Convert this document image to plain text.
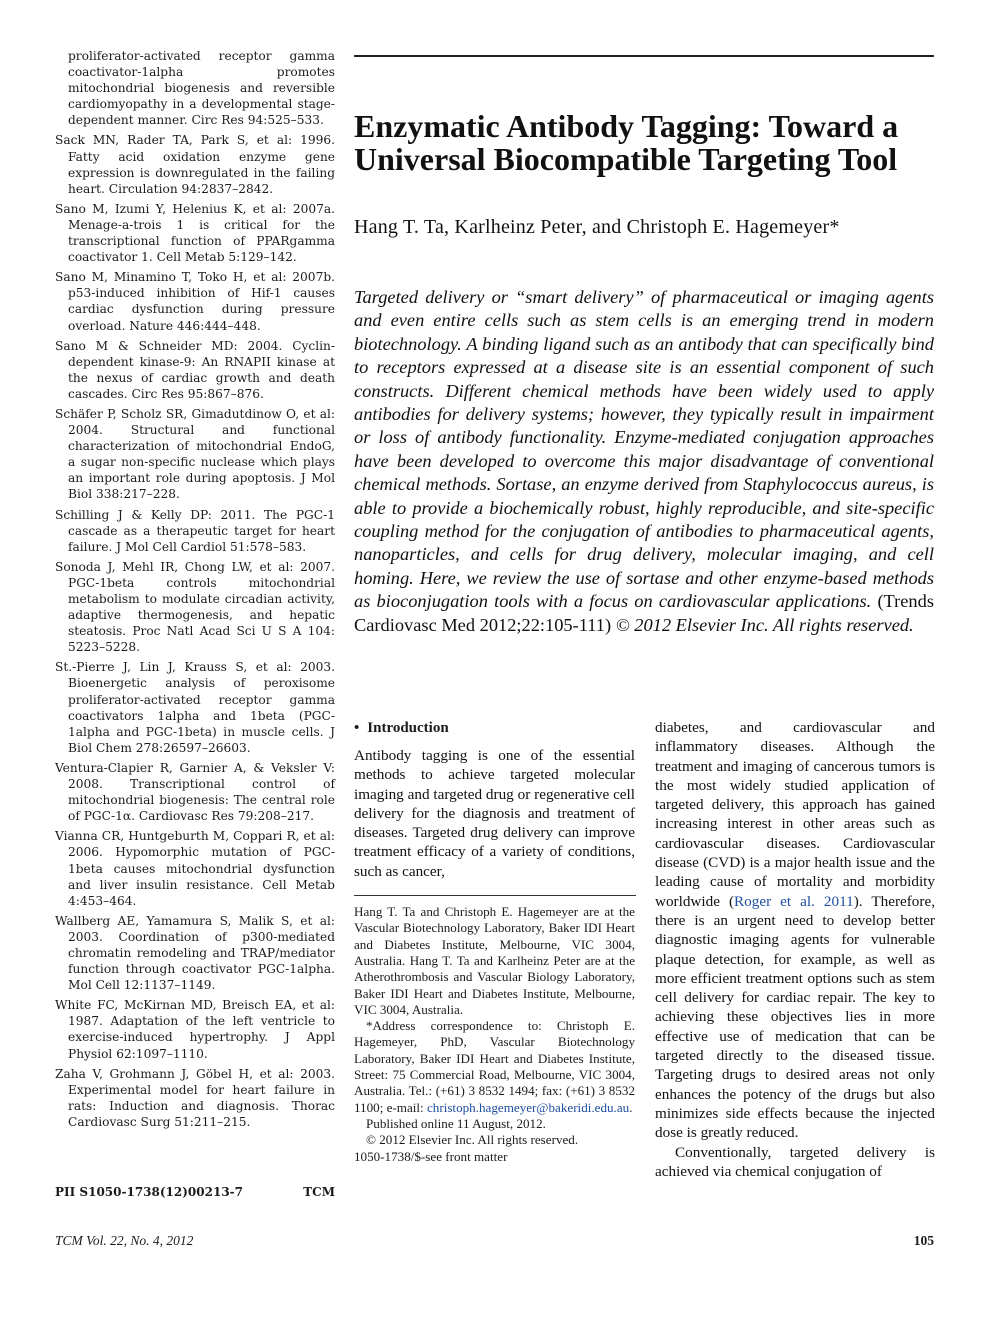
proliferator-activated receptor gamma coactivator-1alpha promotes mitochondrial biogenesis and reversible cardiomyopathy in a developmental stage-dependent manner. Circ Res 94:525–533.

Sack MN, Rader TA, Park S, et al: 1996. Fatty acid oxidation enzyme gene expression is downregulated in the failing heart. Circulation 94:2837–2842.

Sano M, Izumi Y, Helenius K, et al: 2007a. Menage-a-trois 1 is critical for the transcriptional function of PPARgamma coactivator 1. Cell Metab 5:129–142.

Sano M, Minamino T, Toko H, et al: 2007b. p53-induced inhibition of Hif-1 causes cardiac dysfunction during pressure overload. Nature 446:444–448.

Sano M & Schneider MD: 2004. Cyclin-dependent kinase-9: An RNAPII kinase at the nexus of cardiac growth and death cascades. Circ Res 95:867–876.

Schäfer P, Scholz SR, Gimadutdinow O, et al: 2004. Structural and functional characterization of mitochondrial EndoG, a sugar non-specific nuclease which plays an important role during apoptosis. J Mol Biol 338:217–228.

Schilling J & Kelly DP: 2011. The PGC-1 cascade as a therapeutic target for heart failure. J Mol Cell Cardiol 51:578–583.

Sonoda J, Mehl IR, Chong LW, et al: 2007. PGC-1beta controls mitochondrial metabolism to modulate circadian activity, adaptive thermogenesis, and hepatic steatosis. Proc Natl Acad Sci U S A 104: 5223–5228.

St.-Pierre J, Lin J, Krauss S, et al: 2003. Bioenergetic analysis of peroxisome proliferator-activated receptor gamma coactivators 1alpha and 1beta (PGC-1alpha and PGC-1beta) in muscle cells. J Biol Chem 278:26597–26603.

Ventura-Clapier R, Garnier A, & Veksler V: 2008. Transcriptional control of mitochondrial biogenesis: The central role of PGC-1α. Cardiovasc Res 79:208–217.

Vianna CR, Huntgeburth M, Coppari R, et al: 2006. Hypomorphic mutation of PGC-1beta causes mitochondrial dysfunction and liver insulin resistance. Cell Metab 4:453–464.

Wallberg AE, Yamamura S, Malik S, et al: 2003. Coordination of p300-mediated chromatin remodeling and TRAP/mediator function through coactivator PGC-1alpha. Mol Cell 12:1137–1149.

White FC, McKirnan MD, Breisch EA, et al: 1987. Adaptation of the left ventricle to exercise-induced hypertrophy. J Appl Physiol 62:1097–1110.

Zaha V, Grohmann J, Göbel H, et al: 2003. Experimental model for heart failure in rats: Induction and diagnosis. Thorac Cardiovasc Surg 51:211–215.

PII S1050-1738(12)00213-7	TCM
Enzymatic Antibody Tagging: Toward a Universal Biocompatible Targeting Tool
Hang T. Ta, Karlheinz Peter, and Christoph E. Hagemeyer*

Targeted delivery or “smart delivery” of pharmaceutical or imaging agents and even entire cells such as stem cells is an emerging trend in modern biotechnology. A binding ligand such as an antibody that can specifically bind to receptors expressed at a disease site is an essential component of such constructs. Different chemical methods have been widely used to apply antibodies for delivery systems; however, they typically result in impairment or loss of antibody functionality. Enzyme-mediated conjugation approaches have been developed to overcome this major disadvantage of conventional chemical methods. Sortase, an enzyme derived from Staphylococcus aureus, is able to provide a biochemically robust, highly reproducible, and site-specific coupling method for the conjugation of antibodies to pharmaceutical agents, nanoparticles, and cells for drug delivery, molecular imaging, and cell homing. Here, we review the use of sortase and other enzyme-based methods as bioconjugation tools with a focus on cardiovascular applications. (Trends Cardiovasc Med 2012;22:105-111) © 2012 Elsevier Inc. All rights reserved.

• Introduction

Antibody tagging is one of the essential methods to achieve targeted molecular imaging and targeted drug or regenerative cell delivery for the diagnosis and treatment of diseases. Targeted drug delivery can improve treatment efficacy of a variety of conditions, such as cancer,

Hang T. Ta and Christoph E. Hagemeyer are at the Vascular Biotechnology Laboratory, Baker IDI Heart and Diabetes Institute, Melbourne, VIC 3004, Australia. Hang T. Ta and Karlheinz Peter are at the Atherothrombosis and Vascular Biology Laboratory, Baker IDI Heart and Diabetes Institute, Melbourne, VIC 3004, Australia.

*Address correspondence to: Christoph E. Hagemeyer, PhD, Vascular Biotechnology Laboratory, Baker IDI Heart and Diabetes Institute, Street: 75 Commercial Road, Melbourne, VIC 3004, Australia. Tel.: (+61) 3 8532 1494; fax: (+61) 3 8532 1100; e-mail: christoph.hagemeyer@bakeridi.edu.au.

Published online 11 August, 2012.

© 2012 Elsevier Inc. All rights reserved.

1050-1738/$-see front matter

diabetes, and cardiovascular and inflammatory diseases. Although the treatment and imaging of cancerous tumors is the most widely studied application of targeted delivery, this approach has gained increasing interest in other areas such as cardiovascular diseases. Cardiovascular disease (CVD) is a major health issue and the leading cause of mortality and morbidity worldwide (Roger et al. 2011). Therefore, there is an urgent need to develop better diagnostic imaging agents for vulnerable plaque detection, for example, as well as more efficient treatment options such as stem cell delivery for cardiac repair. The key to achieving these objectives lies in more effective use of medication that can be targeted directly to the diseased tissue. Targeting drugs to desired areas not only enhances the potency of the drugs but also minimizes side effects because the injected dose is greatly reduced.

Conventionally, targeted delivery is achieved via chemical conjugation of

TCM Vol. 22, No. 4, 2012	105
